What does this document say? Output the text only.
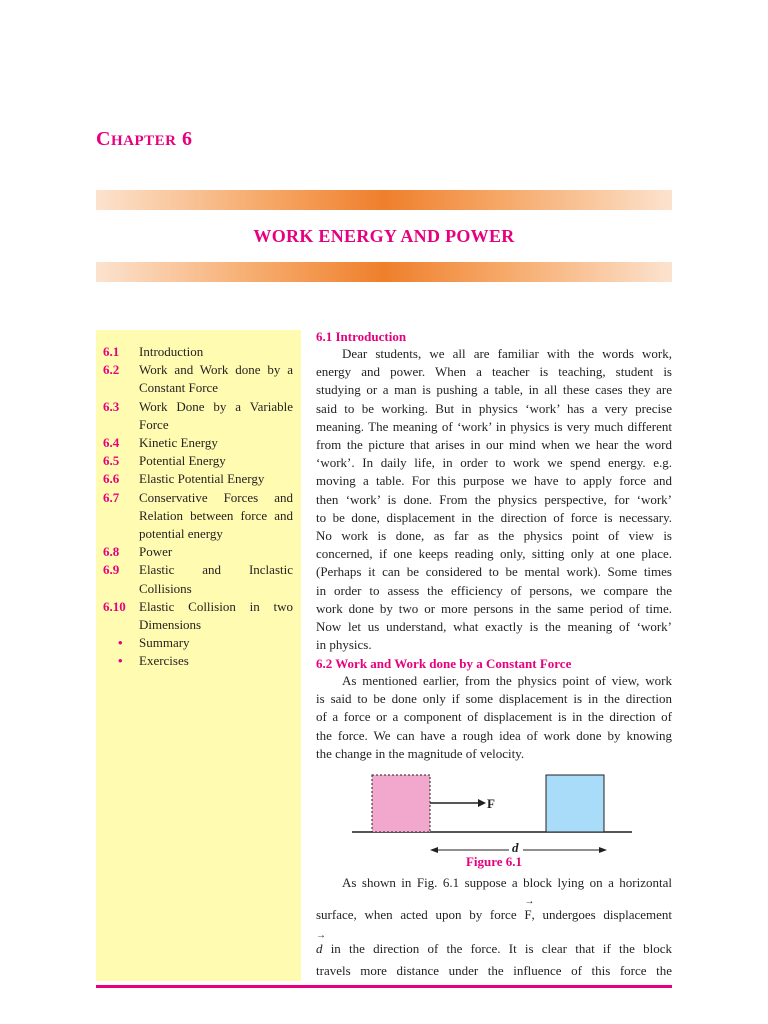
CHAPTER 6
WORK ENERGY AND POWER
6.1 Introduction
6.2 Work and Work done by a
Constant Force
6.3 Work Done by a Variable
Force
6.4 Kinetic Energy
6.5 Potential Energy
6.6 Elastic Potential Energy
6.7 Conservative Forces and
Relation between force and
potential energy
6.8 Power
6.9 Elastic and Inclastic
Collisions
6.10 Elastic Collision in two
Dimensions
• Summary
• Exercises
6.1 Introduction
Dear students, we all are familiar with the words work,
energy and power. When a teacher is teaching, student is
studying or a man is pushing a table, in all these cases they are
said to be working. But in physics ‘work’ has a very precise
meaning. The meaning of ‘work’ in physics is very much different
from the picture that arises in our mind when we hear the word
‘work’. In daily life, in order to work we spend energy. e.g.
moving a table. For this purpose we have to apply force and
then ‘work’ is done. From the physics perspective, for ‘work’
to be done, displacement in the direction of force is necessary.
No work is done, as far as the physics point of view is
concerned, if one keeps reading only, sitting only at one place.
(Perhaps it can be considered to be mental work). Some times
in order to assess the efficiency of persons, we compare the
work done by two or more persons in the same period of time.
Now let us understand, what exactly is the meaning of ‘work’
in physics.
6.2 Work and Work done by a Constant Force
As mentioned earlier, from the physics point of view, work
is said to be done only if some displacement is in the direction
of a force or a component of displacement is in the direction of
the force. We can have a rough idea of work done by knowing
the change in the magnitude of velocity.
F
d
Figure 6.1
As shown in Fig. 6.1 suppose a block lying on a horizontal
surface, when acted upon by force
→
F, undergoes displacement
→
d in the direction of the force. It is clear that if the block
travels more distance under the influence of this force the
